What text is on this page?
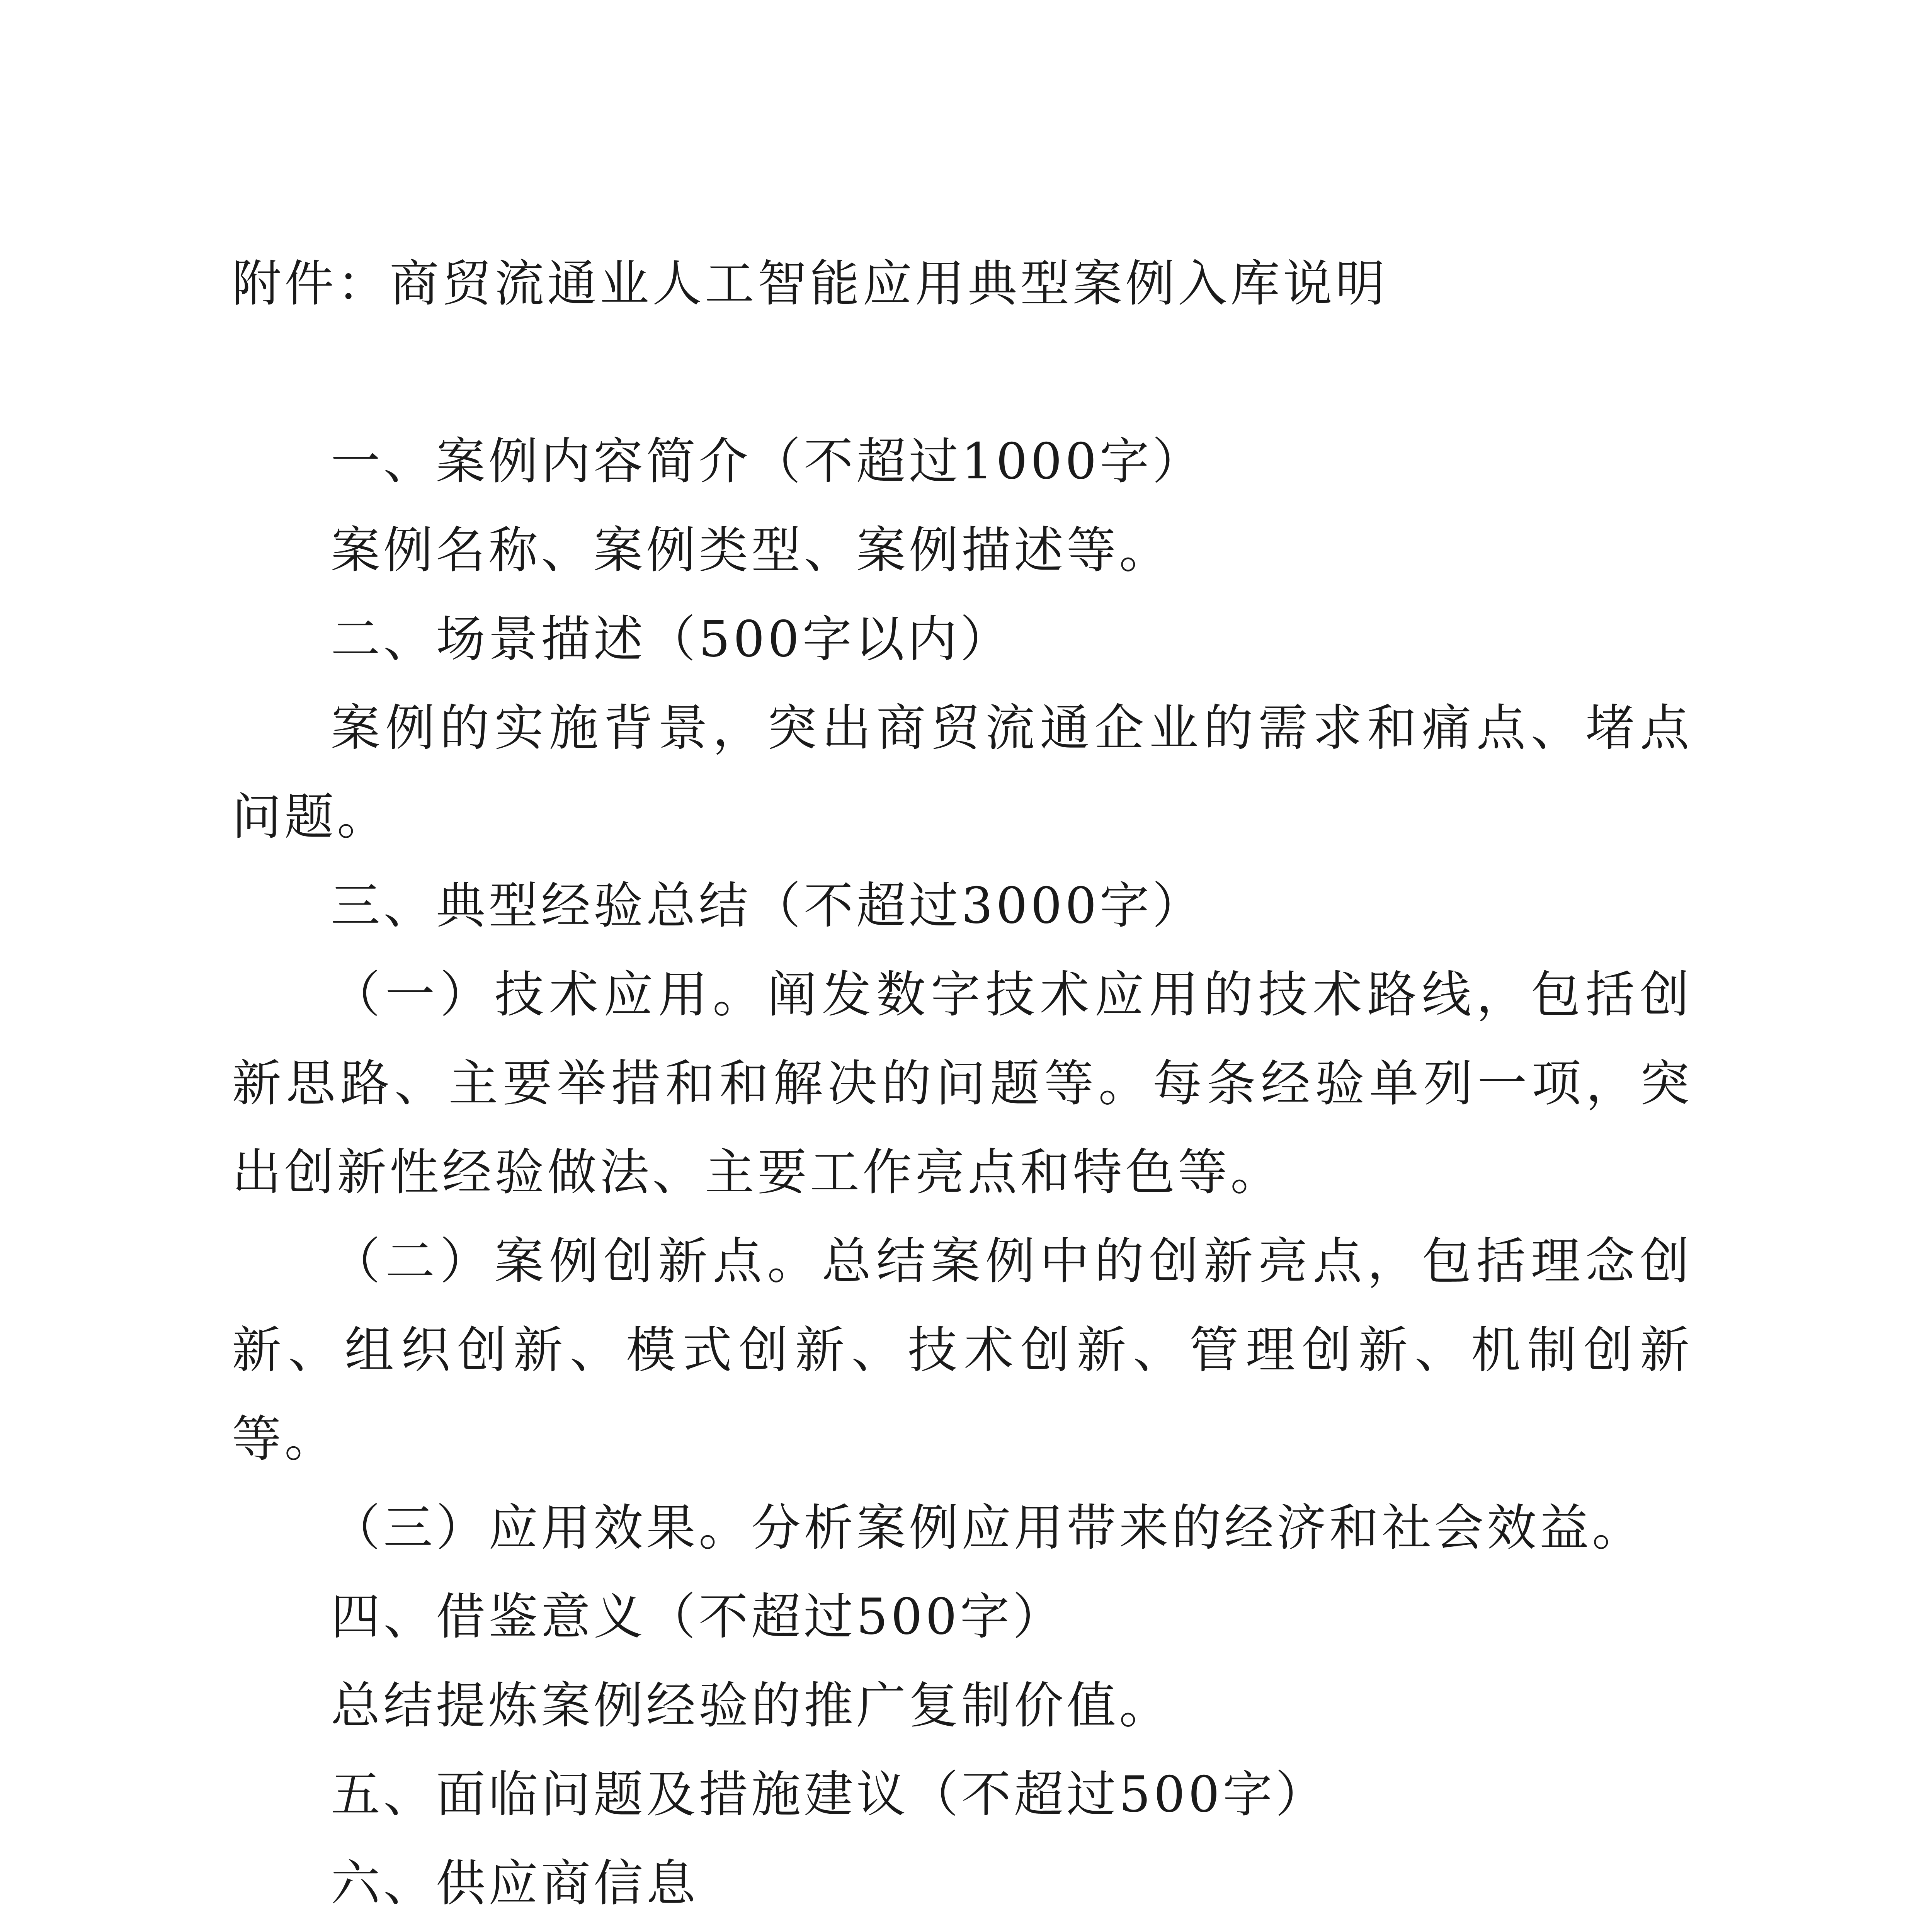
附件：商贸流通业人工智能应用典型案例入库说明

一、案例内容简介（不超过1000字）

案例名称、案例类型、案例描述等。

二、场景描述（500字以内）

案例的实施背景，突出商贸流通企业的需求和痛点、堵点问题。

三、典型经验总结（不超过3000字）

（一）技术应用。阐发数字技术应用的技术路线，包括创新思路、主要举措和和解决的问题等。每条经验单列一项，突出创新性经验做法、主要工作亮点和特色等。

（二）案例创新点。总结案例中的创新亮点，包括理念创新、组织创新、模式创新、技术创新、管理创新、机制创新等。

（三）应用效果。分析案例应用带来的经济和社会效益。

四、借鉴意义（不超过500字）

总结提炼案例经验的推广复制价值。

五、面临问题及措施建议（不超过500字）

六、供应商信息
